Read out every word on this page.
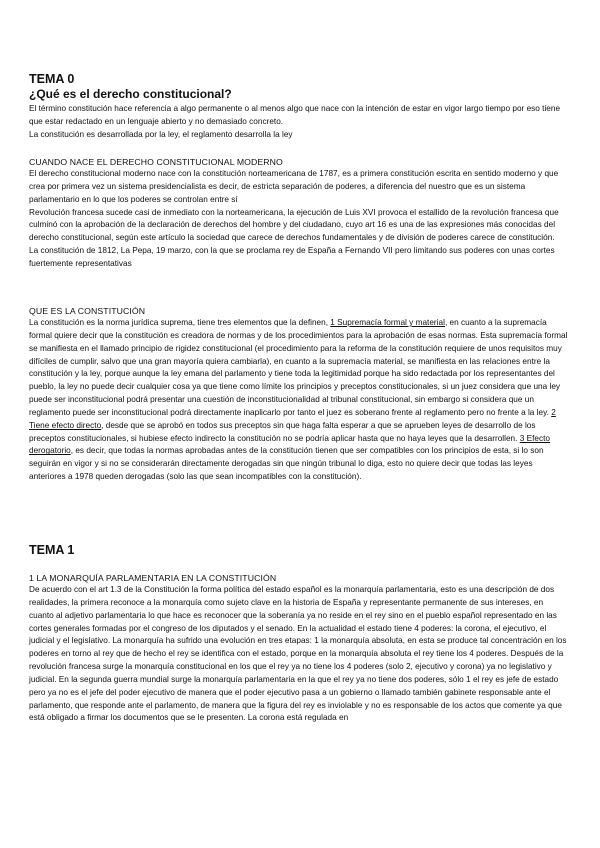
TEMA 0
¿Qué es el derecho constitucional?

El término constitución hace referencia a algo permanente o al menos algo que nace con la intención de estar en vigor largo tiempo por eso tiene que estar redactado en un lenguaje abierto y no demasiado concreto.

La constitución es desarrollada por la ley, el reglamento desarrolla la ley

CUANDO NACE EL DERECHO CONSTITUCIONAL MODERNO

El derecho constitucional moderno nace con la constitución norteamericana de 1787, es a primera constitución escrita en sentido moderno y que crea por primera vez un sistema presidencialista es decir, de estricta separación de poderes, a diferencia del nuestro que es un sistema parlamentario en lo que los poderes se controlan entre sí

Revolución francesa sucede casi de inmediato con la norteamericana, la ejecución de Luis XVI provoca el estallido de la revolución francesa que culminó con la aprobación de la declaración de derechos del hombre y del ciudadano, cuyo art 16 es una de las expresiones más conocidas del derecho constitucional, según este artículo la sociedad que carece de derechos fundamentales y de división de poderes carece de constitución.

La constitución de 1812, La Pepa, 19 marzo, con la que se proclama rey de España a Fernando VII pero limitando sus poderes con unas cortes fuertemente representativas

QUE ES LA CONSTITUCIÓN

La constitución es la norma jurídica suprema, tiene tres elementos que la definen, 1 Supremacía formal y material, en cuanto a la supremacía formal quiere decir que la constitución es creadora de normas y de los procedimientos para la aprobación de esas normas. Esta supremacía formal se manifiesta en el llamado principio de rigidez constitucional (el procedimiento para la reforma de la constitución requiere de unos requisitos muy difíciles de cumplir, salvo que una gran mayoría quiera cambiarla), en cuanto a la supremacía material, se manifiesta en las relaciones entre la constitución y la ley, porque aunque la ley emana del parlamento y tiene toda la legitimidad porque ha sido redactada por los representantes del pueblo, la ley no puede decir cualquier cosa ya que tiene como límite los principios y preceptos constitucionales, si un juez considera que una ley puede ser inconstitucional podrá presentar una cuestión de inconstitucionalidad al tribunal constitucional, sin embargo si considera que un reglamento puede ser inconstitucional podrá directamente inaplicarlo por tanto el juez es soberano frente al reglamento pero no frente a la ley. 2 Tiene efecto directo, desde que se aprobó en todos sus preceptos sin que haga falta esperar a que se aprueben leyes de desarrollo de los preceptos constitucionales, si hubiese efecto indirecto la constitución no se podría aplicar hasta que no haya leyes que la desarrollen. 3 Efecto derogatorio, es decir, que todas la normas aprobadas antes de la constitución tienen que ser compatibles con los principios de esta, si lo son seguirán en vigor y si no se considerarán directamente derogadas sin que ningún tribunal lo diga, esto no quiere decir que todas las leyes anteriores a 1978 queden derogadas (solo las que sean incompatibles con la constitución).

TEMA 1

1 LA MONARQUÍA PARLAMENTARIA EN LA CONSTITUCIÓN

De acuerdo con el art 1.3 de la Constitución la forma política del estado español es la monarquía parlamentaria, esto es una descripción de dos realidades, la primera reconoce a la monarquía como sujeto clave en la historia de España y representante permanente de sus intereses, en cuanto al adjetivo parlamentaria lo que hace es reconocer que la soberanía ya no reside en el rey sino en el pueblo español representado en las cortes generales formadas por el congreso de los diputados y el senado. En la actualidad el estado tiene 4 poderes: la corona, el ejecutivo, el judicial y el legislativo. La monarquía ha sufrido una evolución en tres etapas: 1 la monarquía absoluta, en esta se produce tal concentración en los poderes en torno al rey que de hecho el rey se identifica con el estado, porque en la monarquía absoluta el rey tiene los 4 poderes. Después de la revolución francesa surge la monarquía constitucional en los que el rey ya no tiene los 4 poderes (solo 2, ejecutivo y corona) ya no legislativo y judicial. En la segunda guerra mundial surge la monarquía parlamentaria en la que el rey ya no tiene dos poderes, sólo 1 el rey es jefe de estado pero ya no es el jefe del poder ejecutivo de manera que el poder ejecutivo pasa a un gobierno o llamado también gabinete responsable ante el parlamento, que responde ante el parlamento, de manera que la figura del rey es inviolable y no es responsable de los actos que comente ya que está obligado a firmar los documentos que se le presenten. La corona está regulada en
